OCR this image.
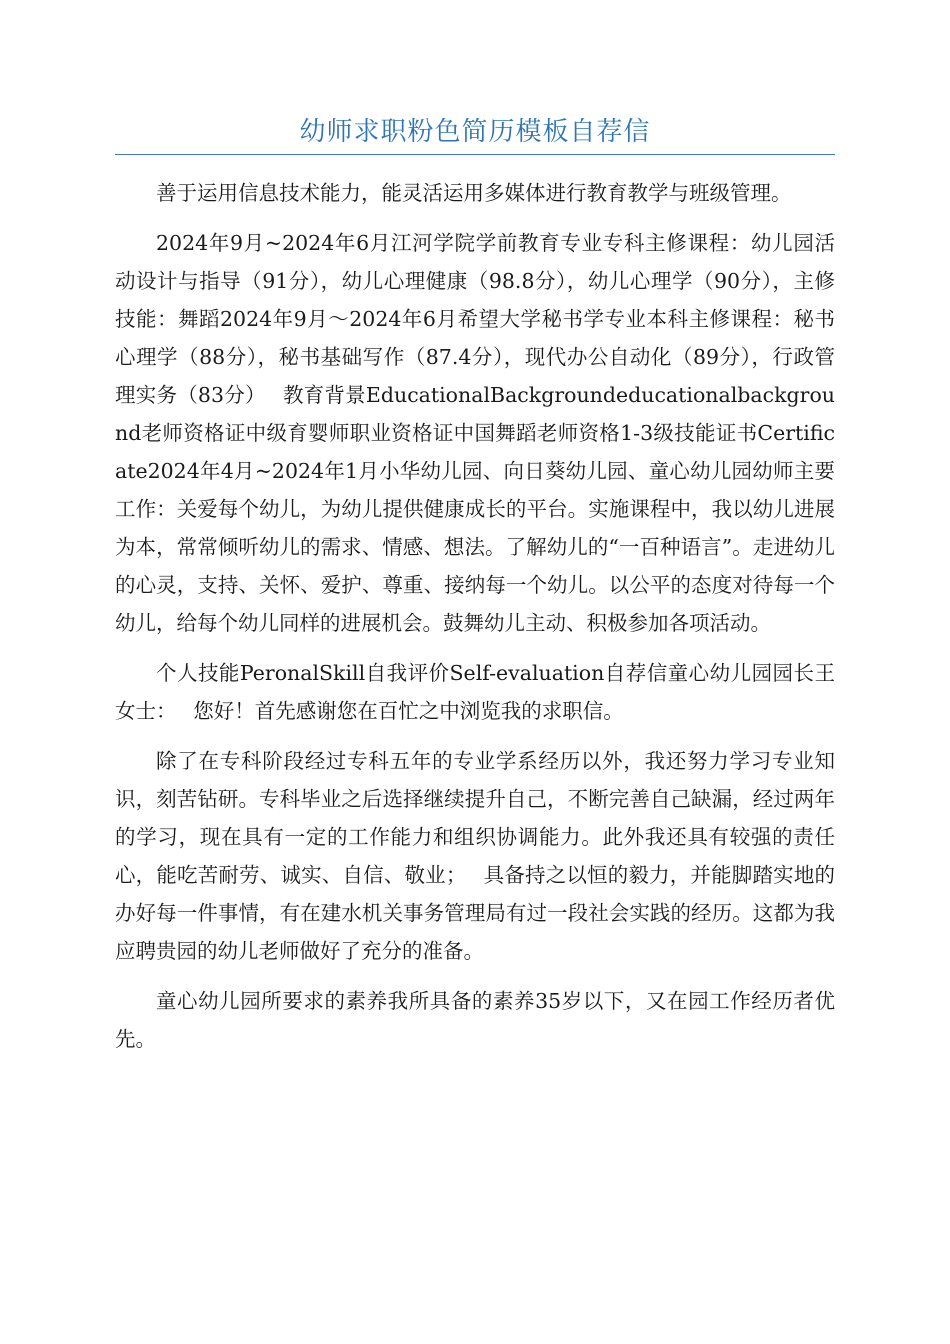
幼师求职粉色简历模板自荐信

善于运用信息技术能力，能灵活运用多媒体进行教育教学与班级管理。

2024年9月~2024年6月江河学院学前教育专业专科主修课程：幼儿园活动设计与指导（91分），幼儿心理健康（98.8分），幼儿心理学（90分），主修技能：舞蹈2024年9月～2024年6月希望大学秘书学专业本科主修课程：秘书心理学（88分），秘书基础写作（87.4分），现代办公自动化（89分），行政管理实务（83分）　 教育背景EducationalBackgroundeducationalbackground老师资格证中级育婴师职业资格证中国舞蹈老师资格1-3级技能证书Certificate2024年4月~2024年1月小华幼儿园、向日葵幼儿园、童心幼儿园幼师主要工作：关爱每个幼儿，为幼儿提供健康成长的平台。实施课程中，我以幼儿进展为本，常常倾听幼儿的需求、情感、想法。了解幼儿的“一百种语言”。走进幼儿的心灵，支持、关怀、爱护、尊重、接纳每一个幼儿。以公平的态度对待每一个幼儿，给每个幼儿同样的进展机会。鼓舞幼儿主动、积极参加各项活动。

个人技能PeronalSkill自我评价Self-evaluation自荐信童心幼儿园园长王女士：　 您好！首先感谢您在百忙之中浏览我的求职信。

除了在专科阶段经过专科五年的专业学系经历以外，我还努力学习专业知识，刻苦钻研。专科毕业之后选择继续提升自己，不断完善自己缺漏，经过两年的学习，现在具有一定的工作能力和组织协调能力。此外我还具有较强的责任心，能吃苦耐劳、诚实、自信、敬业；　 具备持之以恒的毅力，并能脚踏实地的办好每一件事情，有在建水机关事务管理局有过一段社会实践的经历。这都为我应聘贵园的幼儿老师做好了充分的准备。

童心幼儿园所要求的素养我所具备的素养35岁以下，又在园工作经历者优先。
